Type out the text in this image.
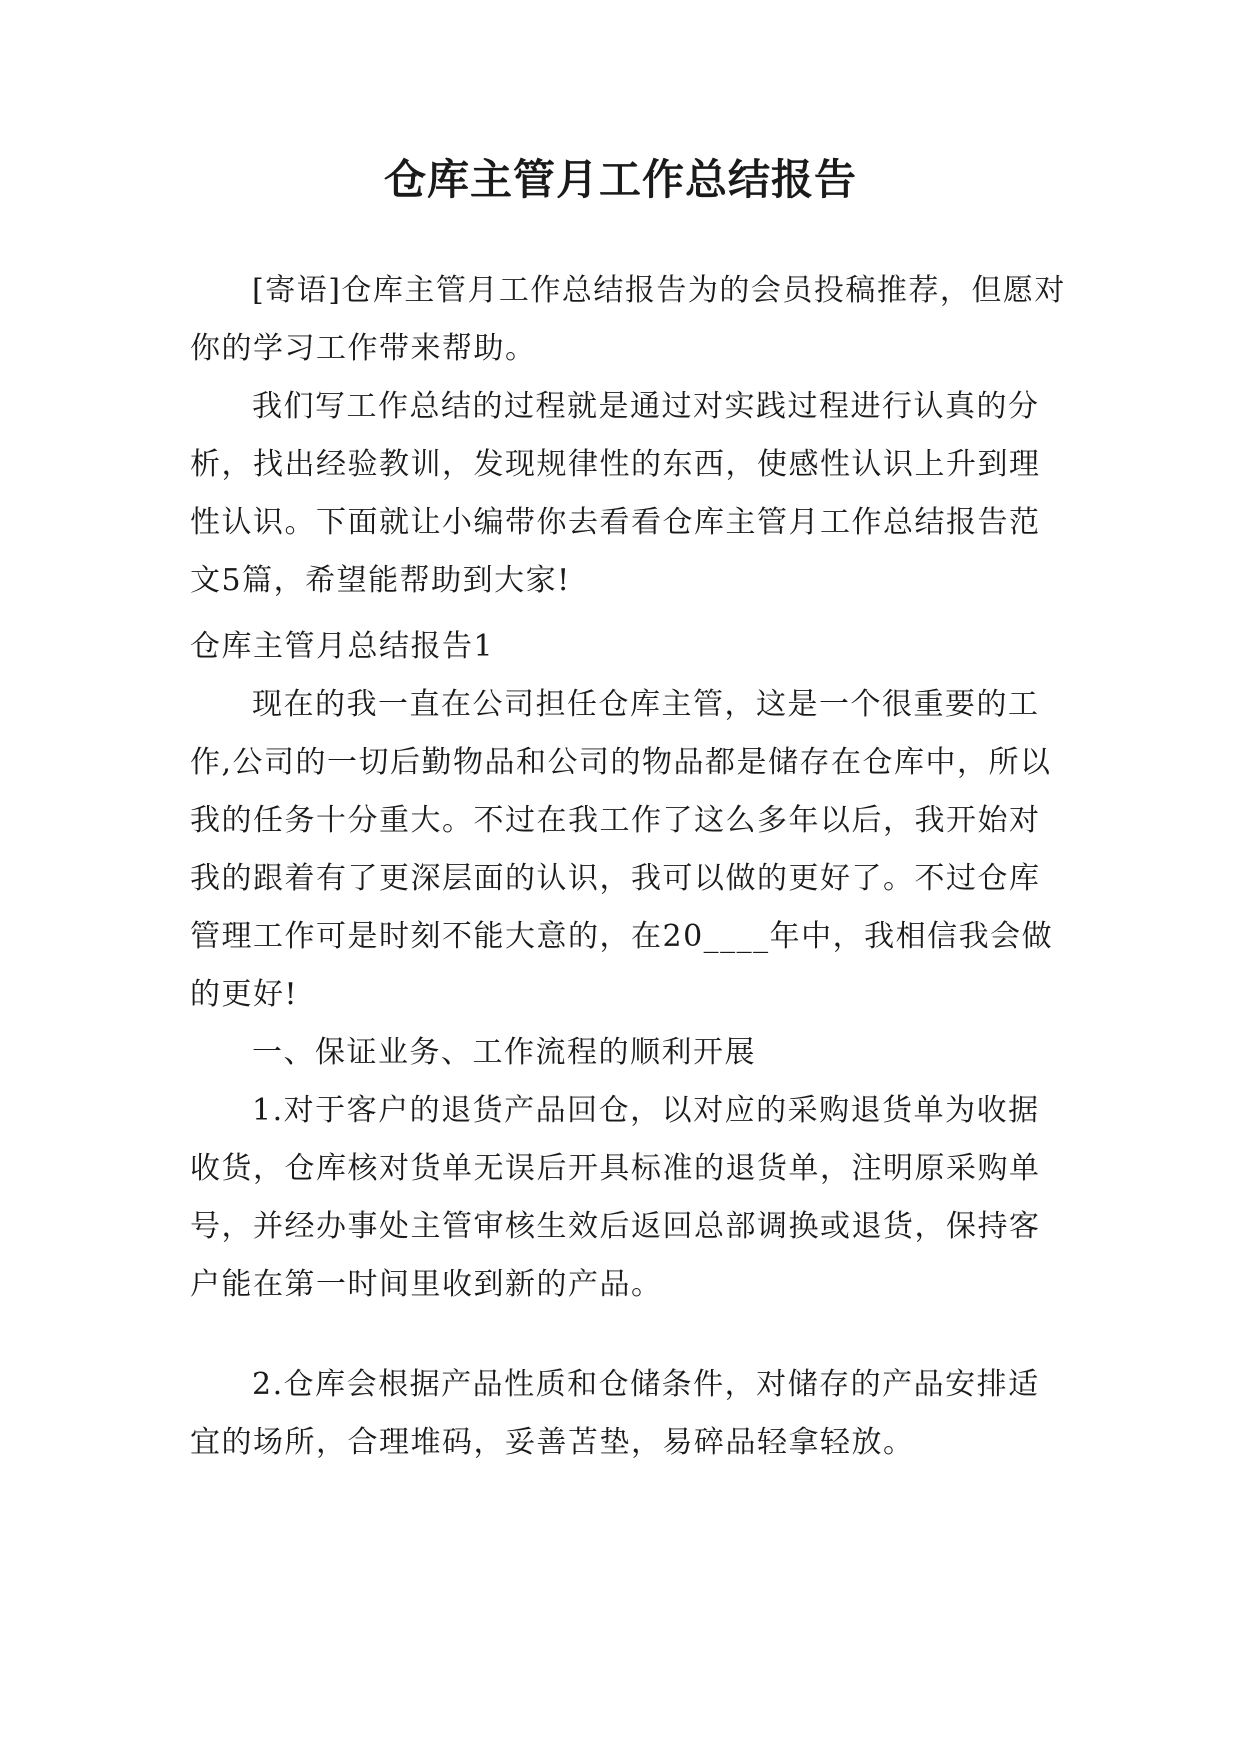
仓库主管月工作总结报告

[寄语]仓库主管月工作总结报告为的会员投稿推荐，但愿对你的学习工作带来帮助。

我们写工作总结的过程就是通过对实践过程进行认真的分析，找出经验教训，发现规律性的东西，使感性认识上升到理性认识。下面就让小编带你去看看仓库主管月工作总结报告范文5篇，希望能帮助到大家!

仓库主管月总结报告1

现在的我一直在公司担任仓库主管，这是一个很重要的工作,公司的一切后勤物品和公司的物品都是储存在仓库中，所以我的任务十分重大。不过在我工作了这么多年以后，我开始对我的跟着有了更深层面的认识，我可以做的更好了。不过仓库管理工作可是时刻不能大意的，在20____年中，我相信我会做的更好!

一、保证业务、工作流程的顺利开展

1.对于客户的退货产品回仓，以对应的采购退货单为收据收货，仓库核对货单无误后开具标准的退货单，注明原采购单号，并经办事处主管审核生效后返回总部调换或退货，保持客户能在第一时间里收到新的产品。

2.仓库会根据产品性质和仓储条件，对储存的产品安排适宜的场所，合理堆码，妥善苫垫，易碎品轻拿轻放。
